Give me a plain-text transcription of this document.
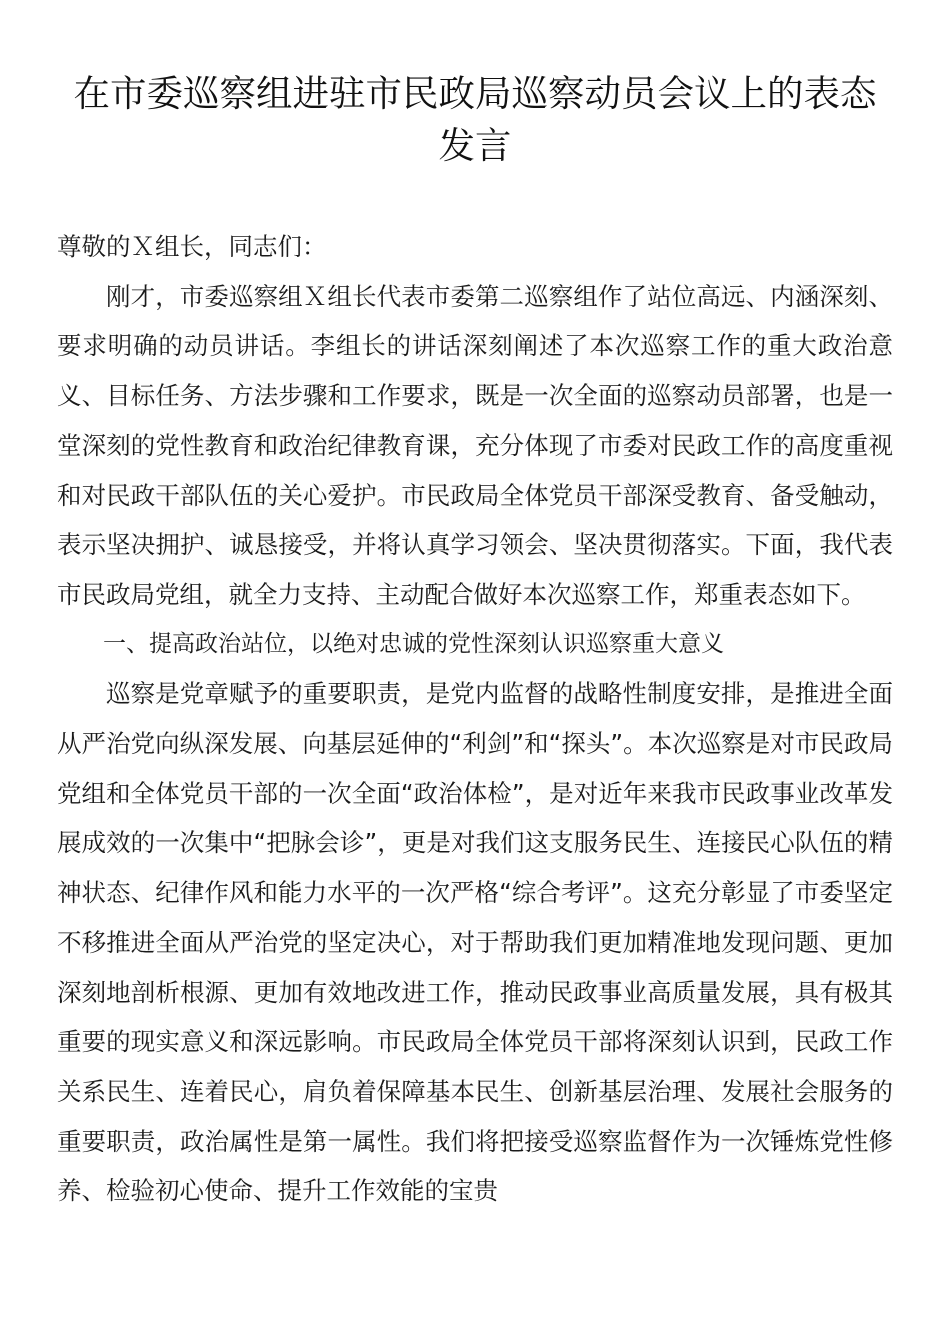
在市委巡察组进驻市民政局巡察动员会议上的表态发言

尊敬的Ｘ组长，同志们：

刚才，市委巡察组Ｘ组长代表市委第二巡察组作了站位高远、内涵深刻、要求明确的动员讲话。李组长的讲话深刻阐述了本次巡察工作的重大政治意义、目标任务、方法步骤和工作要求，既是一次全面的巡察动员部署，也是一堂深刻的党性教育和政治纪律教育课，充分体现了市委对民政工作的高度重视和对民政干部队伍的关心爱护。市民政局全体党员干部深受教育、备受触动，表示坚决拥护、诚恳接受，并将认真学习领会、坚决贯彻落实。下面，我代表市民政局党组，就全力支持、主动配合做好本次巡察工作，郑重表态如下。

一、提高政治站位，以绝对忠诚的党性深刻认识巡察重大意义

巡察是党章赋予的重要职责，是党内监督的战略性制度安排，是推进全面从严治党向纵深发展、向基层延伸的“利剑”和“探头”。本次巡察是对市民政局党组和全体党员干部的一次全面“政治体检”，是对近年来我市民政事业改革发展成效的一次集中“把脉会诊”，更是对我们这支服务民生、连接民心队伍的精神状态、纪律作风和能力水平的一次严格“综合考评”。这充分彰显了市委坚定不移推进全面从严治党的坚定决心，对于帮助我们更加精准地发现问题、更加深刻地剖析根源、更加有效地改进工作，推动民政事业高质量发展，具有极其重要的现实意义和深远影响。市民政局全体党员干部将深刻认识到，民政工作关系民生、连着民心，肩负着保障基本民生、创新基层治理、发展社会服务的重要职责，政治属性是第一属性。我们将把接受巡察监督作为一次锤炼党性修养、检验初心使命、提升工作效能的宝贵
